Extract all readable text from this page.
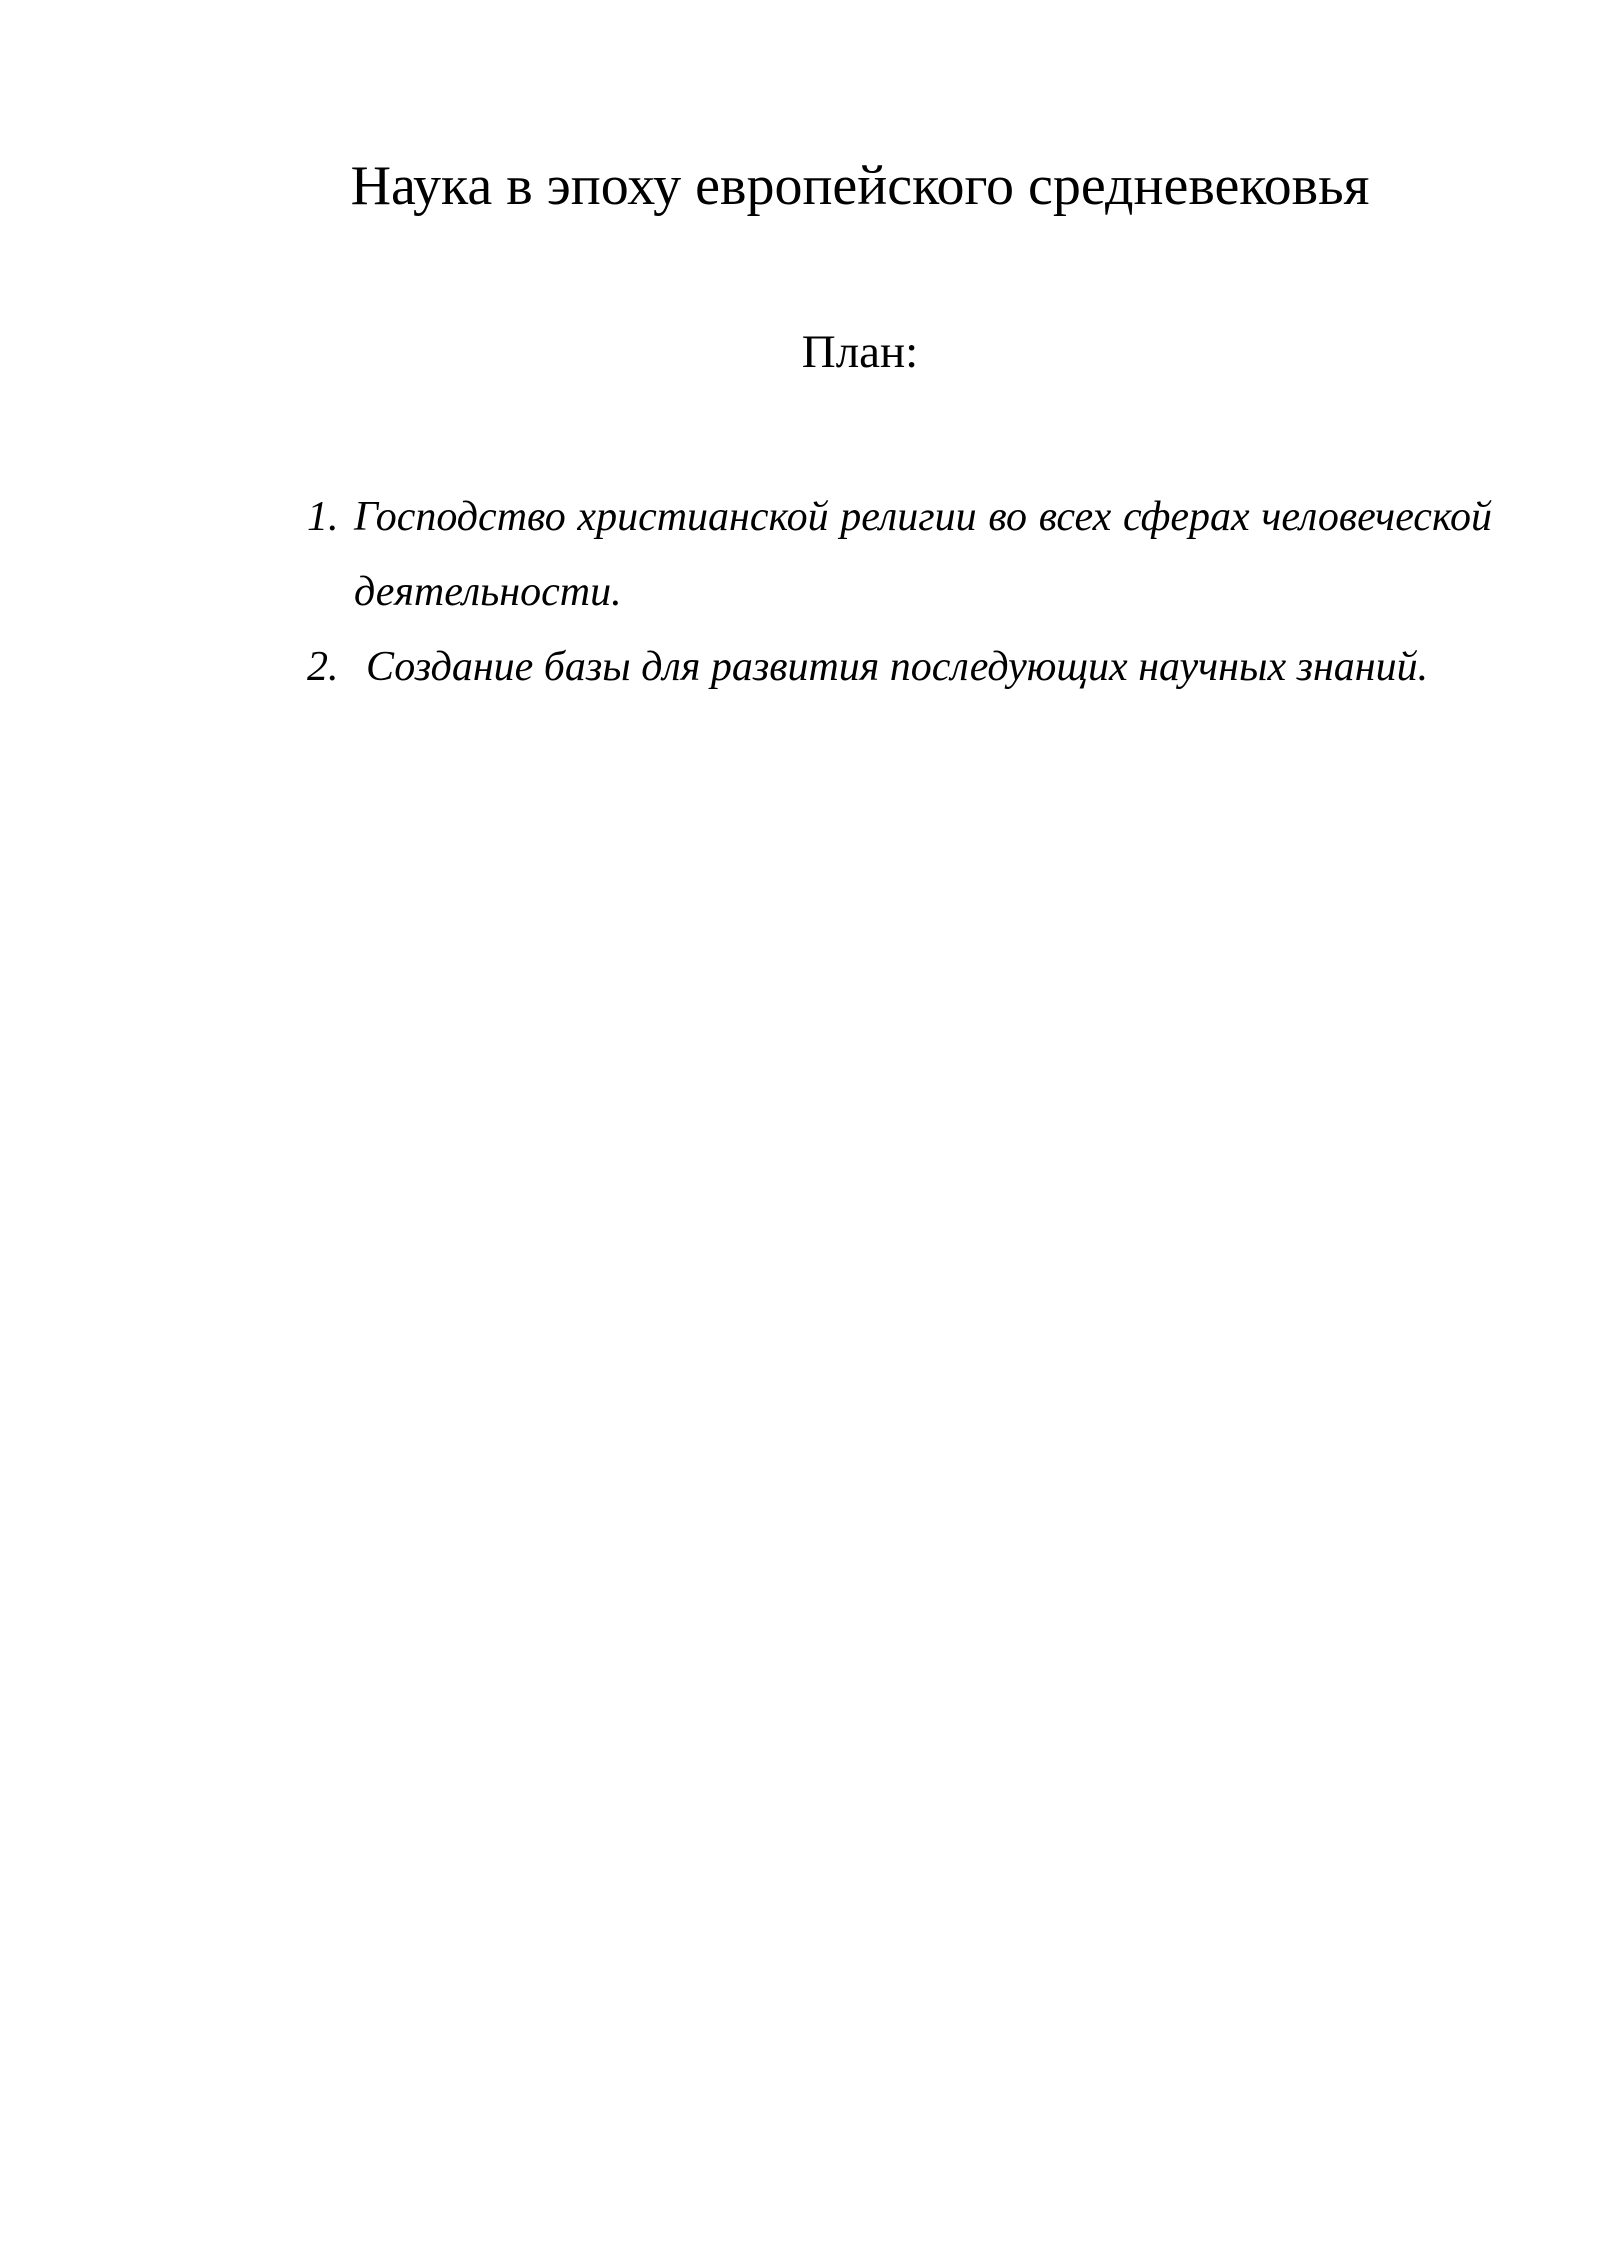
Наука в эпоху европейского средневековья
План:
1. Господство христианской религии во всех сферах человеческой деятельности.
2. Создание базы для развития последующих научных знаний.
